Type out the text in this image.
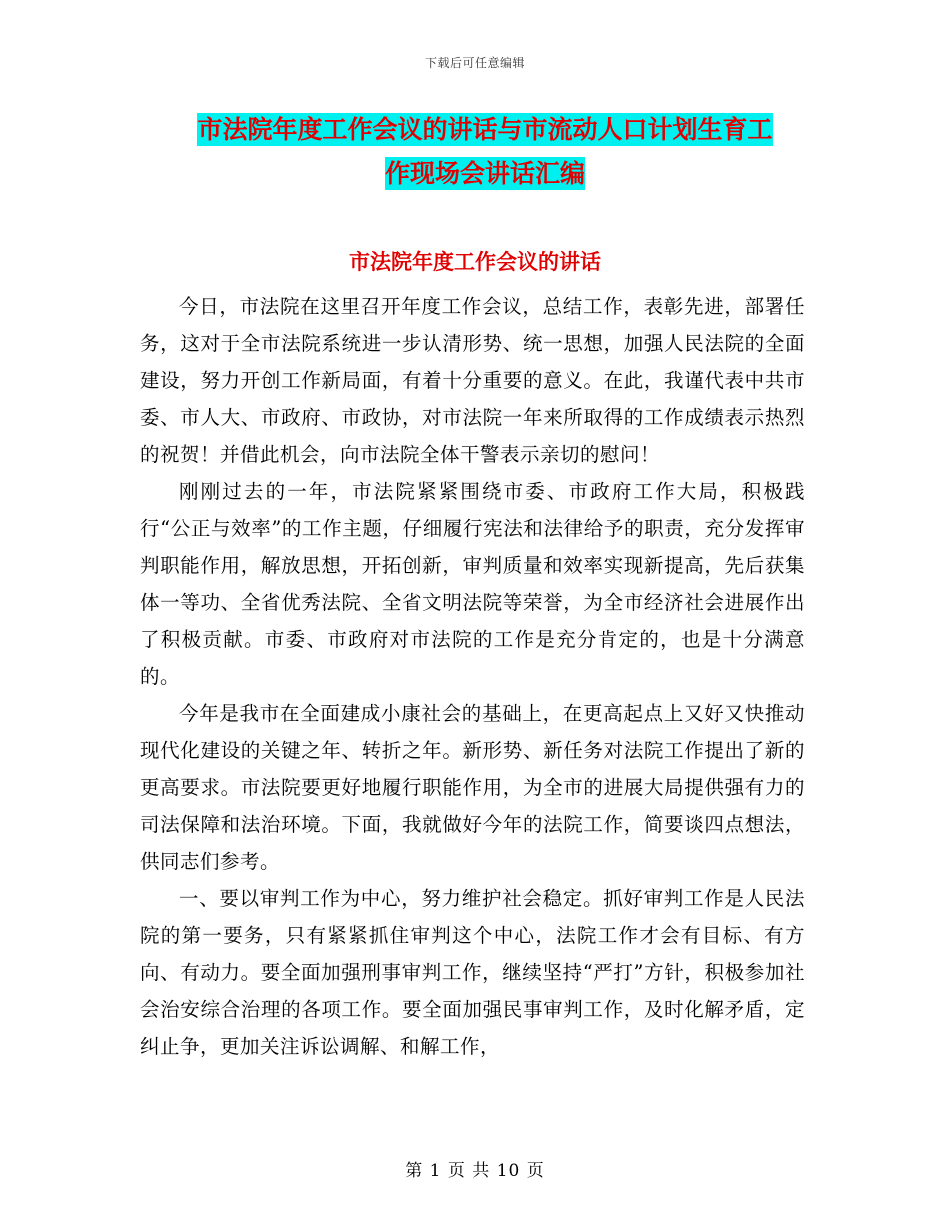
下载后可任意编辑
市法院年度工作会议的讲话与市流动人口计划生育工
作现场会讲话汇编
市法院年度工作会议的讲话

今日，市法院在这里召开年度工作会议，总结工作，表彰先进，部署任务，这对于全市法院系统进一步认清形势、统一思想，加强人民法院的全面建设，努力开创工作新局面，有着十分重要的意义。在此，我谨代表中共市委、市人大、市政府、市政协，对市法院一年来所取得的工作成绩表示热烈的祝贺！并借此机会，向市法院全体干警表示亲切的慰问！

刚刚过去的一年，市法院紧紧围绕市委、市政府工作大局，积极践行“公正与效率”的工作主题，仔细履行宪法和法律给予的职责，充分发挥审判职能作用，解放思想，开拓创新，审判质量和效率实现新提高，先后获集体一等功、全省优秀法院、全省文明法院等荣誉，为全市经济社会进展作出了积极贡献。市委、市政府对市法院的工作是充分肯定的，也是十分满意的。

今年是我市在全面建成小康社会的基础上，在更高起点上又好又快推动现代化建设的关键之年、转折之年。新形势、新任务对法院工作提出了新的更高要求。市法院要更好地履行职能作用，为全市的进展大局提供强有力的司法保障和法治环境。下面，我就做好今年的法院工作，简要谈四点想法，供同志们参考。

一、要以审判工作为中心，努力维护社会稳定。抓好审判工作是人民法院的第一要务，只有紧紧抓住审判这个中心，法院工作才会有目标、有方向、有动力。要全面加强刑事审判工作，继续坚持“严打”方针，积极参加社会治安综合治理的各项工作。要全面加强民事审判工作，及时化解矛盾，定纠止争，更加关注诉讼调解、和解工作，

第 1 页 共 10 页
